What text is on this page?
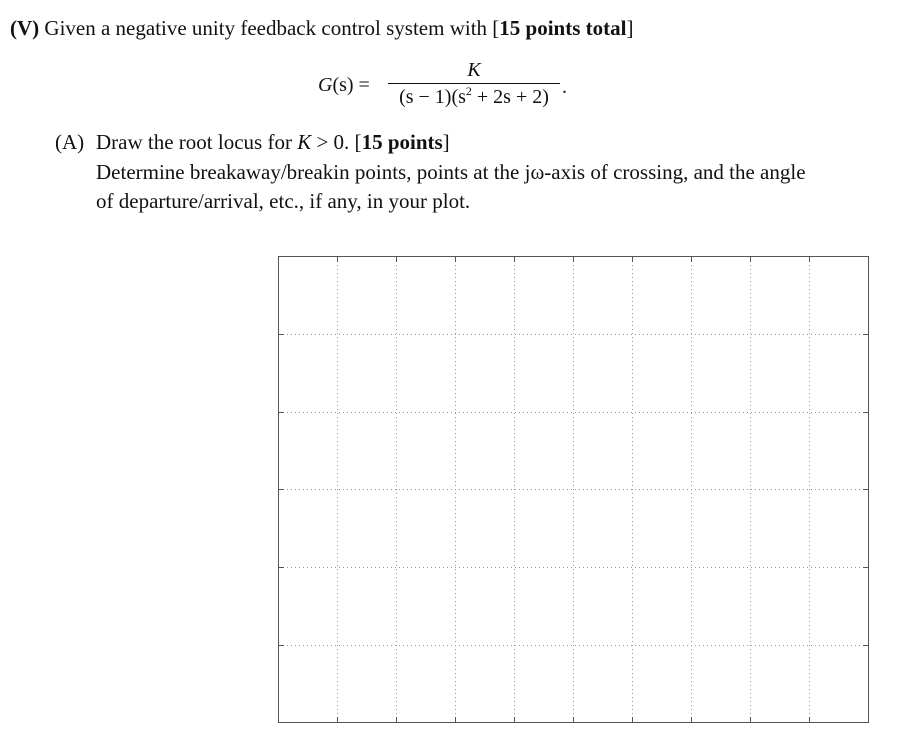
(V) Given a negative unity feedback control system with [15 points total]
G(s) =
K
$(s - 1)(s^2 + 2s + 2)$ .
(A) Draw the root locus for K > 0. [15 points]
Determine breakaway/breakin points, points at the jω-axis of crossing, and the angle
of departure/arrival, etc., if any, in your plot.
